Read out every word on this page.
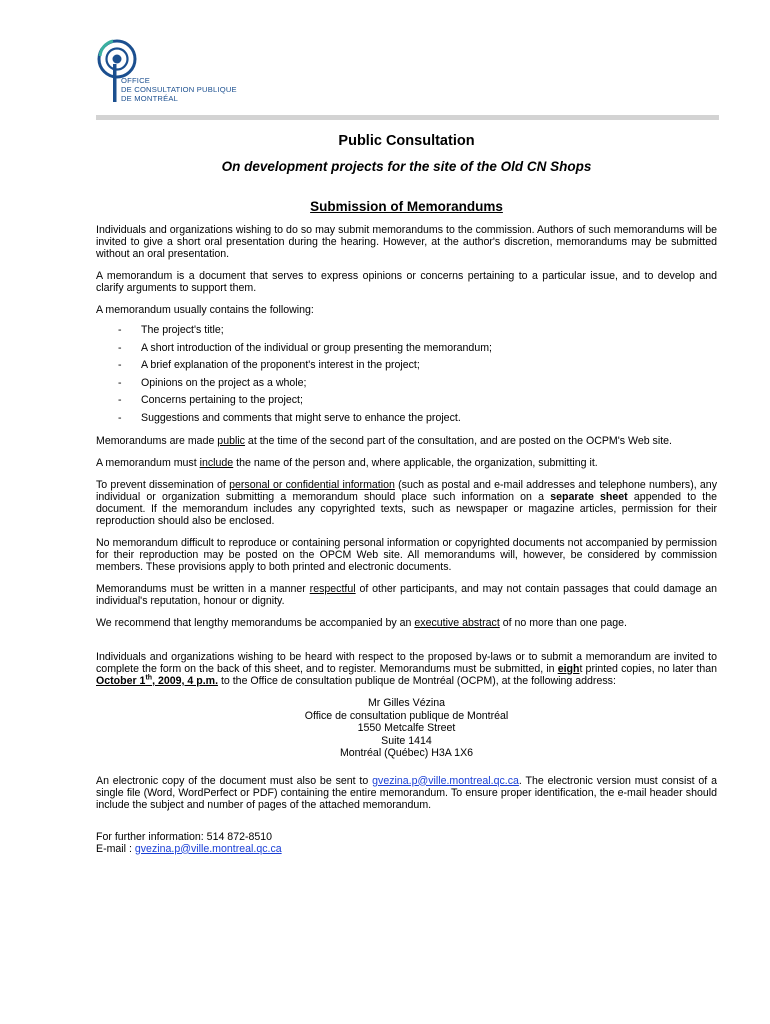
OFFICE
DE CONSULTATION PUBLIQUE
DE MONTRÉAL
Public Consultation
On development projects for the site of the Old CN Shops
Submission of Memorandums

Individuals and organizations wishing to do so may submit memorandums to the commission. Authors of such memorandums will be invited to give a short oral presentation during the hearing. However, at the author's discretion, memorandums may be submitted without an oral presentation.

A memorandum is a document that serves to express opinions or concerns pertaining to a particular issue, and to develop and clarify arguments to support them.

A memorandum usually contains the following:

- The project's title;
- A short introduction of the individual or group presenting the memorandum;
- A brief explanation of the proponent's interest in the project;
- Opinions on the project as a whole;
- Concerns pertaining to the project;
- Suggestions and comments that might serve to enhance the project.

Memorandums are made public at the time of the second part of the consultation, and are posted on the OCPM's Web site.

A memorandum must include the name of the person and, where applicable, the organization, submitting it.

To prevent dissemination of personal or confidential information (such as postal and e-mail addresses and telephone numbers), any individual or organization submitting a memorandum should place such information on a separate sheet appended to the document. If the memorandum includes any copyrighted texts, such as newspaper or magazine articles, permission for their reproduction should also be enclosed.

No memorandum difficult to reproduce or containing personal information or copyrighted documents not accompanied by permission for their reproduction may be posted on the OPCM Web site. All memorandums will, however, be considered by commission members. These provisions apply to both printed and electronic documents.

Memorandums must be written in a manner respectful of other participants, and may not contain passages that could damage an individual's reputation, honour or dignity.

We recommend that lengthy memorandums be accompanied by an executive abstract of no more than one page.

Individuals and organizations wishing to be heard with respect to the proposed by-laws or to submit a memorandum are invited to complete the form on the back of this sheet, and to register. Memorandums must be submitted, in eight printed copies, no later than October 1th, 2009, 4 p.m. to the Office de consultation publique de Montréal (OCPM), at the following address:

Mr Gilles Vézina
Office de consultation publique de Montréal
1550 Metcalfe Street
Suite 1414
Montréal (Québec) H3A 1X6

An electronic copy of the document must also be sent to gvezina.p@ville.montreal.qc.ca. The electronic version must consist of a single file (Word, WordPerfect or PDF) containing the entire memorandum. To ensure proper identification, the e-mail header should include the subject and number of pages of the attached memorandum.

For further information: 514 872-8510
E-mail : gvezina.p@ville.montreal.qc.ca
